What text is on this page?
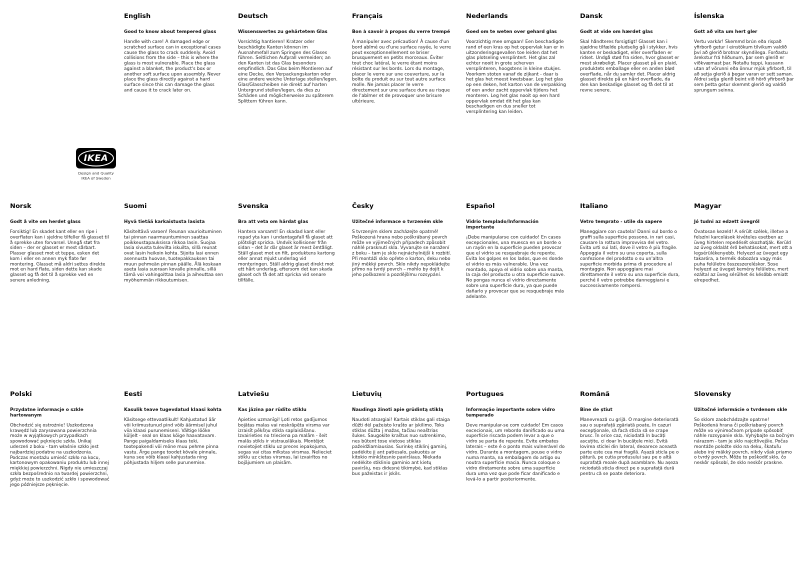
English
Good to know about tempered glass

Handle with care! A damaged edge or scratched surface can in exceptional cases cause the glass to crack suddenly. Avoid collisions from the side – this is where the glass is most vulnerable. Place the glass against a blanket, the product's box or another soft surface upon assembly. Never place the glass directly against a hard surface since this can damage the glass and cause it to crack later on.

Deutsch
Wissenswertes zu gehärtetem Glas

Vorsichtig hantieren! Kratzer oder beschädigte Kanten können im Ausnahmefall zum Springen des Glases führen. Seitlichen Aufprall vermeiden; an den Kanten ist das Glas besonders empfindlich. Das Glas beim Montieren auf eine Decke, den Verpackungskarton oder eine andere weiche Unterlage stellen/legen. Glas/Glasscheiben nie direkt auf harten Untergrund stellen/legen, da dies zu Schäden und möglicherweise zu späterem Splittern führen kann.

Français
Bon à savoir à propos du verre trempé

À manipuler avec précaution! À cause d'un bord abîmé ou d'une surface rayée, le verre peut exceptionnellement se briser brusquement en petits morceaux. Éviter tout choc latéral, le verre étant moins résistant sur les bords. Lors du montage, placer le verre sur une couverture, sur la boîte du produit ou sur tout autre surface molle. Ne jamais placer le verre directement sur une surface dure au risque de l'abîmer et de provoquer une brisure ultérieure.

Nederlands
Goed om te weten over gehard glas

Voorzichtig mee omgaan! Een beschadigde rand of een kras op het oppervlak kan er in uitzonderingsgevallen toe leiden dat het glas plotseling versplintert. Het glas zal echter nooit in grote scherven versplinteren, hoogstens in kleine stukjes. Voorkom stoten vanaf de zijkant - daar is het glas het meest kwetsbaar. Leg het glas op een deken, het karton van de verpakking of een ander zacht oppervlak tijdens het monteren. Leg het glas nooit op een hard oppervlak omdat dit het glas kan beschadigen en dus sneller tot versplintering kan leiden.

Dansk
Godt at vide om hærdet glas

Skal håndteres forsigtigt! Glasset kan i sjældne tilfælde pludselig gå i stykker, hvis kanten er beskadiget, eller overfladen er ridset. Undgå stød fra siden, hvor glasset er mest skrøbeligt. Placer glasset på en plaid, produktets emballage eller en anden blød overflade, når du samler det. Placer aldrig glasset direkte på en hård overflade, da den kan beskadige glasset og få det til at revne senere.

Íslenska
Gott að vita um hert gler

Vertu varkár! Skemmd brún eða rispað yfirborð getur í einstökum tilvikum valdið því að glerið brotnar skyndilega. Forðastu árekstur frá hliðunum, þar sem glerið er viðkvæmast þar. Notaðu teppi, kassann utan af vörunni eða önnur mjúk yfirborð, til að setja glerið á þegar varan er sett saman. Aldrei setja glerið beint við hörð yfirborð þar sem þetta getur skemmt glerið og valdið sprungum seinna.

IKEA
Design and Quality
IKEA of Sweden
Norsk
Godt å vite om herdet glass

Forsiktig! En skadet kant eller en ripe i overflaten kan i sjeldne tilfeller få glasset til å sprekke uten forvarsel. Unngå støt fra siden – der er glasset er mest sårbart. Plasser glasset mot et teppe, esken det kom i eller en annen myk flate før montering. Glasset må aldri settes direkte mot en hard flate, siden dette kan skade glasset og få det til å sprekke ved en senere anledning.

Suomi
Hyvä tietää karkaistusta lasista

Käsiteltävä varoen! Reunan vaurioituminen tai pinnan naarmuuntuminen saattaa poikkeustapauksissa rikkoa lasin. Suojaa lasia sivusta tulevilta iskuilta, sillä reunat ovat lasin heikoin kohta. Sijoita lasi ennen asennusta huovan, tuotepakkauksen tai muun pehmeän pinnan päälle. Älä koskaan aseta lasia suoraan kovalle pinnalle, sillä tämä voi vahingoittaa lasia ja aiheuttaa sen myöhemmän rikkoutumisen.

Svenska
Bra att veta om härdat glas

Hantera varsamt! En skadad kant eller repad yta kan i undantagsfall få glaset att plötsligt spricka. Undvik kollisioner från sidan – det är där glaset är mest ömtåligt. Ställ glaset mot en filt, produktens kartong eller annat mjukt underlag vid monteringen. Ställ aldrig glaset direkt mot ett hårt underlag, eftersom det kan skada glaset och få det att spricka vid senare tillfälle.

Česky
Užitečné informace o tvrzeném skle

S tvrzeným sklem zacházejte opatrně! Poškozená hrana nebo poškrábaný povrch může ve výjimečných případech způsobit náhlé prasknutí skla. Vyvarujte se naražení z boku – tam je sklo nejnáchylnější k rozbití. Při montáži sklo opřete o karton, deku nebo jiný měkký povrch. Sklo nikdy nepokládejte přímo na tvrdý povrch – mohlo by dojít k jeho poškození a pozdějšímu rozsypání.

Español
Vidrio templado/Información importante

¡Debe manipularse con cuidado! En casos excepcionales, una muesca en un borde o un rayón en la superficie pueden provocar que el vidrio se resquebraje de repente. Evita los golpes en los lados, que es donde el vidrio es más vulnerable. Una vez montado, apoya el vidrio sobre una manta, la caja del producto u otra superficie suave. No pongas nunca el vidrio directamente sobre una superficie dura, ya que puede dañarlo y provocar que se resquebraje más adelante.

Italiano
Vetro temprato - utile da sapere

Maneggiare con cautela! Danni sul bordo o graffi sulla superficie possono, in rari casi, causare la rottura improvvisa del vetro. Evita urti sui lati, dove il vetro è più fragile. Appoggia il vetro su una coperta, sulla confezione del prodotto o su un'altra superficie morbida prima di procedere al montaggio. Non appoggiare mai direttamente il vetro su una superficie dura, perché il vetro potrebbe danneggiarsi e successivamente rompersi.

Magyar
Jó tudni az edzett üvegről

Óvatosan kezeld! A sérült szélek, illetve a felszíni karcolások kivételes esetben az üveg hirtelen repedését okozhatják. Kerüld az üveg oldalát érő behatásokat, mert ott a legsérülékenyebb. Helyezd az üveget egy takaróra, a termék dobozára vagy más puha felületre összeszereléskor. Sose helyezd az üveget kemény felületre, mert ezáltal az üveg sérülhet és később emiatt elrepedhet.

Polski
Przydatne informacje o szkle hartowanym

Obchodzić się ostrożnie! Uszkodzona krawędź lub zarysowana powierzchnia może w wyjątkowych przypadkach spowodować pęknięcie szkła. Unikaj uderzeń z boku - tam właśnie szkło jest najbardziej podatne na uszkodzenia. Podczas montażu umieść szkło na kocu, kartonowym opakowaniu produktu lub innej miękkiej powierzchni. Nigdy nie umieszczaj szkła bezpośrednio na twardej powierzchni, gdyż może to uszkodzić szkło i spowodować jego późniejsze pęknięcie.

Eesti
Kasulik teave tugevdatud klaasi kohta

Käsitsege ettevaatlikult! Kahjustatud äär või kriimustunud pind võib äärmisel juhul viia klaasi purunemiseni. Vältige lööke küljelt - seal on klaas kõige haavatavam. Pange paigaldamiseks klaas teki, tootepakendi või mõne muu pehme pinna vastu. Ärge pange toodet kõvale pinnale, kuna see võib klaasi kahjustada ning põhjustada hiljem selle purunemise.

Latviešu
Kas jāzina par rūdīto stiklu

Apieties uzmanīgi! Ļoti retos gadījumos bojātas malas vai noskrāpēta virsma var izraisīt pēkšņu stikla saplaisāšanu. Izvairieties no trieciena pa malām - šeit malās stikls ir vistrauslākais. Montējot novietojiet stiklu uz preces iepakojuma, segas vai citas mīkstas virsmas. Nelieciet stiklu uz cietas virsmas, lai izvairītos no bojājumiem un plaisām.

Lietuvių
Naudinga žinoti apie grūdintą stiklą

Naudoti atsargiai! Kartais stiklas gali staiga dūžti dėl pažeisto krašto ar įskilimo. Toks stiklas dūžta į mažas, tačiau neaštrias šukes. Saugokite kraštus nuo sutrenkimo, nes būtent tose vietose stiklas pažeidžiamiausias. Surinkę stiklinį gaminį, padėkite jį ant patiesalo, pakuotės ar kitokio minkštesnio paviršiaus. Niekada nedėkite stiklinio gaminio ant kietų paviršių, nes didesnė tikimybė, kad stiklas bus pažeistas ir įskils.

Portugues
Informação importante sobre vidro temperado

Deve manipular-se com cuidado! Em casos excecionais, um rebordo danificado ou uma superfície riscada podem levar a que o vidro se parta de repente. Evite embates laterais – este é o ponto mais vulnerável do vidro. Durante a montagem, pouse o vidro numa manta, na embalagem do artigo ou noutra superfície macia. Nunca coloque o vidro diretamente sobre uma superfície dura uma vez que pode ficar danificado e levá-lo a partir posteriormente.

Română
Bine de știut

Manevrează cu grijă. O margine deteriorată sau o suprafață zgâriată poate, în cazuri excepționale, să facă sticla să se crape brusc. În orice caz, niciodată în bucăți ascuțite, ci doar în bucățele mici. Evită lovirea sticlei din lateral, deoarece această parte este cea mai fragilă. Așază sticla pe o pătură, pe cutia produsului sau pe o altă suprafață moale după asamblare. Nu așeza niciodată sticla direct pe o suprafață dură pentru că se poate deteriora.

Slovensky
Užitočné informácie o tvrdenom skle

So sklom zaobchádzajte opatrne! Poškodená hrana či poškriabaný povrch môže vo výnimočnom prípade spôsobiť náhle rozsypanie skla. Vyhýbajte sa bočným nárazom - tam je sklo najcitlivejšie. Počas montáže položte sklo na deku, škatuľu alebo iný mäkký povrch, nikdy však priamo o tvrdý povrch. Môže to poškodiť sklo, čo neskôr spôsobí, že sklo neskôr praskne.
